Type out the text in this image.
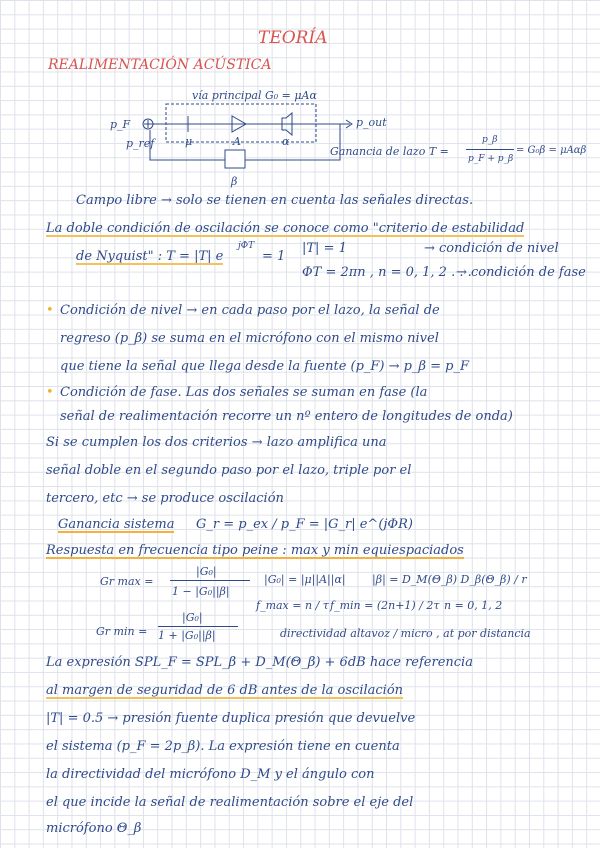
TEORÍA
REALIMENTACIÓN ACÚSTICA
vía principal G₀ = μAα
p_F
p_ref
p_out
μ	A	α
β
Ganancia de lazo T =
p_β
p_F + p_β
= G₀β = μAαβ
Campo libre → solo se tienen en cuenta las señales directas.
La doble condición de oscilación se conoce como "criterio de estabilidad
de Nyquist" : T = |T| e
jΦT
= 1
|T| = 1	→ condición de nivel
ΦT = 2πn , n = 0, 1, 2 . . .
→ condición de fase
• Condición de nivel → en cada paso por el lazo, la señal de
regreso (p_β) se suma en el micrófono con el mismo nivel
que tiene la señal que llega desde la fuente (p_F) → p_β = p_F
• Condición de fase. Las dos señales se suman en fase (la
señal de realimentación recorre un nº entero de longitudes de onda)
Si se cumplen los dos criterios → lazo amplifica una
señal doble en el segundo paso por el lazo, triple por el
tercero, etc → se produce oscilación
Ganancia sistema G_r = p_ex / p_F = |G_r| e^(jΦR)
Respuesta en frecuencia tipo peine : max y min equiespaciados
Gr max =
|G₀|
1 − |G₀||β|
|G₀| = |μ||A||α| |β| = D_M(Θ_β) D_β(Θ_β) / r
f_max = n / τ f_min = (2n+1) / 2τ n = 0, 1, 2
Gr min =
|G₀|
1 + |G₀||β|	directividad altavoz / micro , at por distancia
La expresión SPL_F = SPL_β + D_M(Θ_β) + 6dB hace referencia
al margen de seguridad de 6 dB antes de la oscilación
|T| = 0.5 → presión fuente duplica presión que devuelve
el sistema (p_F = 2p_β). La expresión tiene en cuenta
la directividad del micrófono D_M y el ángulo con
el que incide la señal de realimentación sobre el eje del
micrófono Θ_β
